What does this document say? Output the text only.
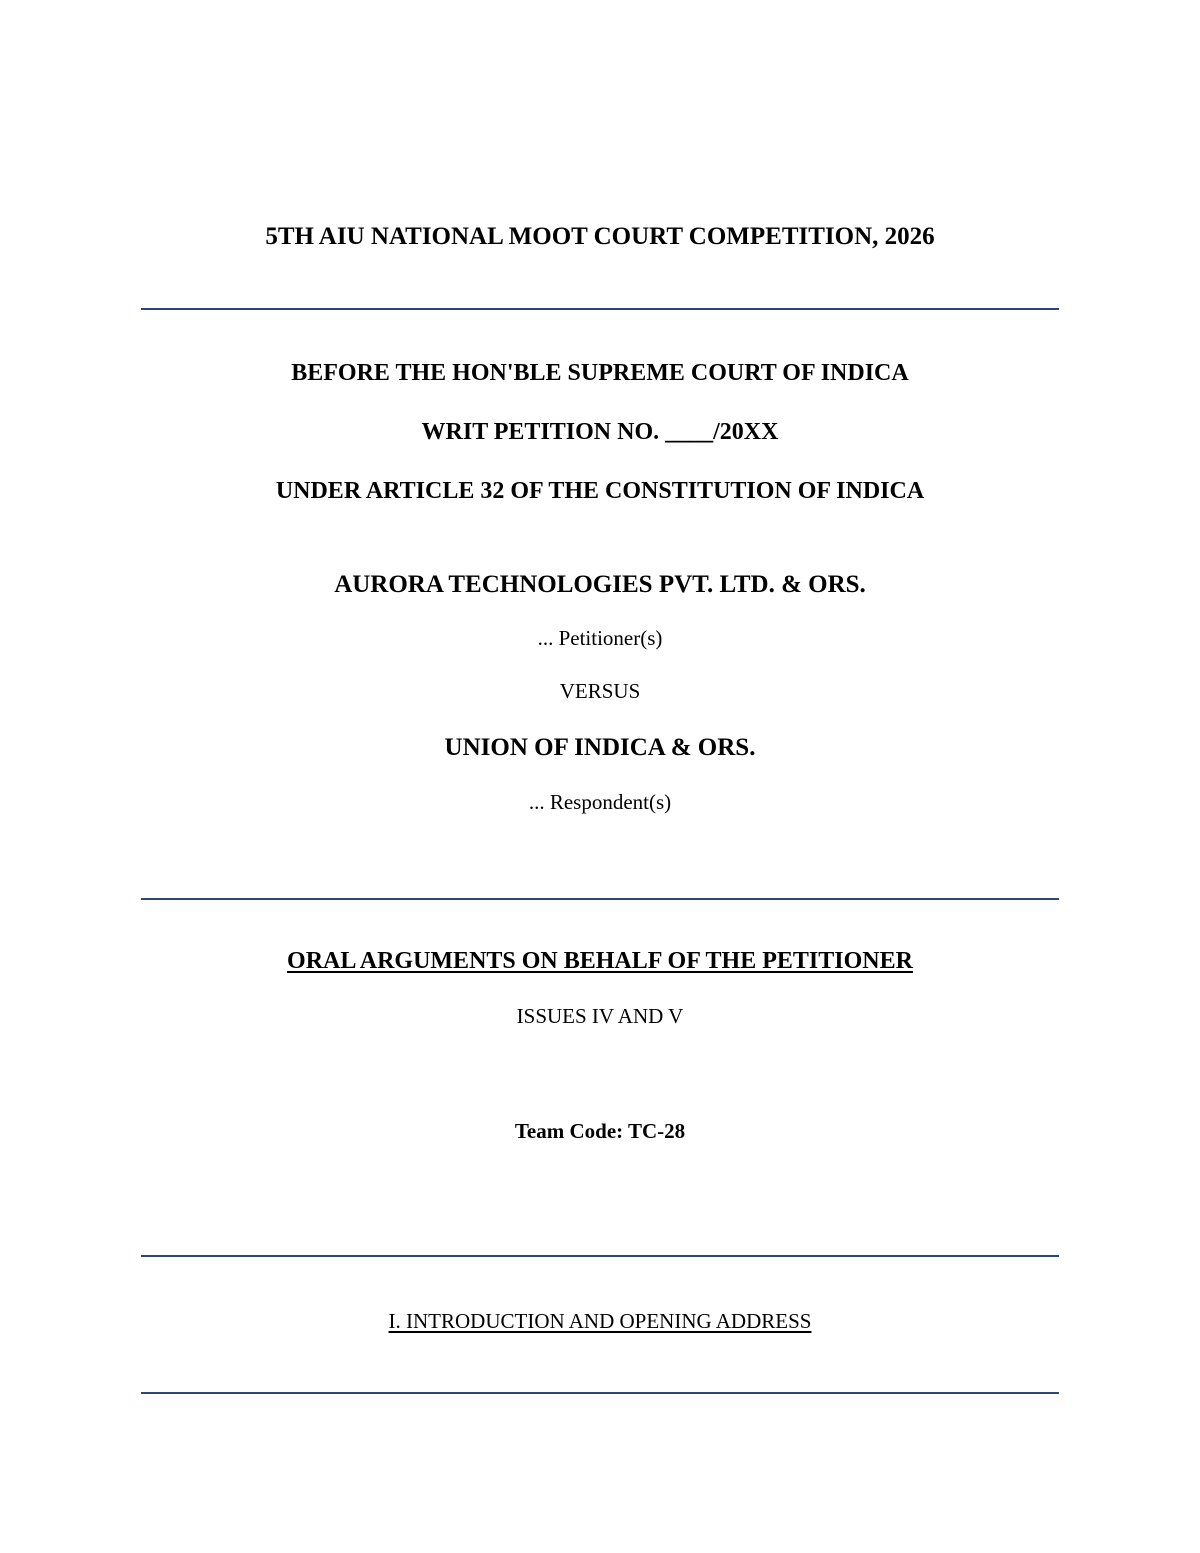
5TH AIU NATIONAL MOOT COURT COMPETITION, 2026
BEFORE THE HON'BLE SUPREME COURT OF INDICA
WRIT PETITION NO. ____/20XX
UNDER ARTICLE 32 OF THE CONSTITUTION OF INDICA
AURORA TECHNOLOGIES PVT. LTD. & ORS.
... Petitioner(s)
VERSUS
UNION OF INDICA & ORS.
... Respondent(s)
ORAL ARGUMENTS ON BEHALF OF THE PETITIONER
ISSUES IV AND V
Team Code: TC-28
I. INTRODUCTION AND OPENING ADDRESS
